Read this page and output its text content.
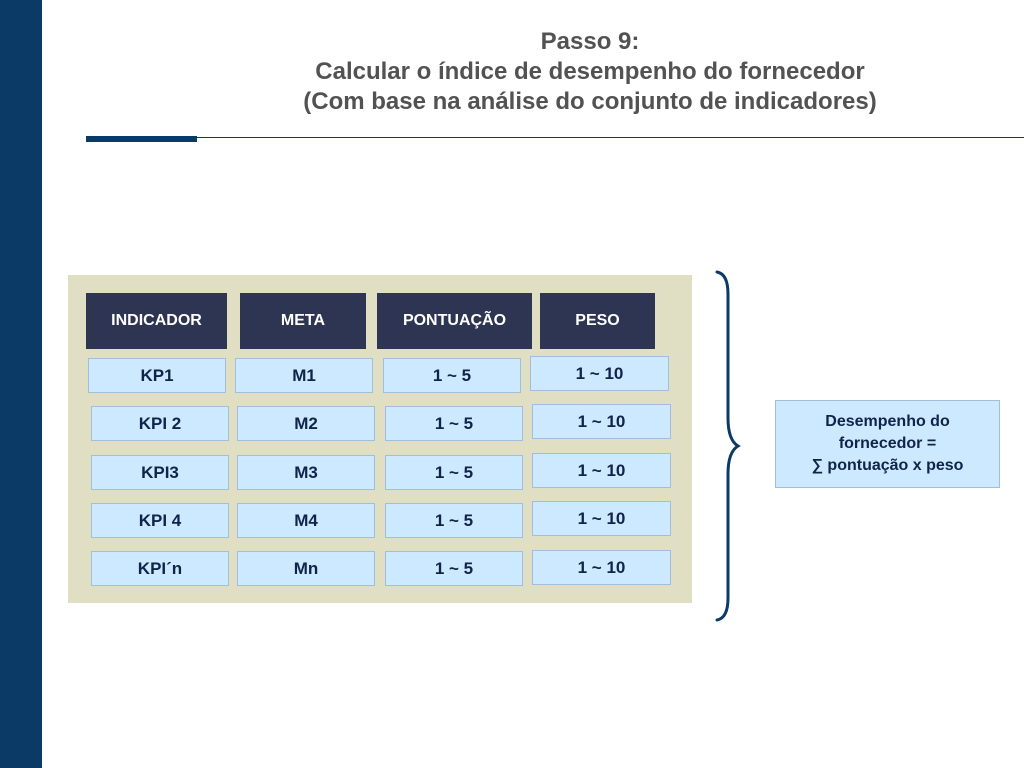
Passo 9:
Calcular o índice de desempenho do fornecedor
(Com base na análise do conjunto de indicadores)
INDICADOR	META	PONTUAÇÃO	PESO
KP1	M1	1 ~ 5	1 ~ 10
KPI 2	M2	1 ~ 5	1 ~ 10
KPI3	M3	1 ~ 5	1 ~ 10
KPI 4	M4	1 ~ 5	1 ~ 10
KPI´n	Mn	1 ~ 5	1 ~ 10
Desempenho do
fornecedor =
∑ pontuação x peso
